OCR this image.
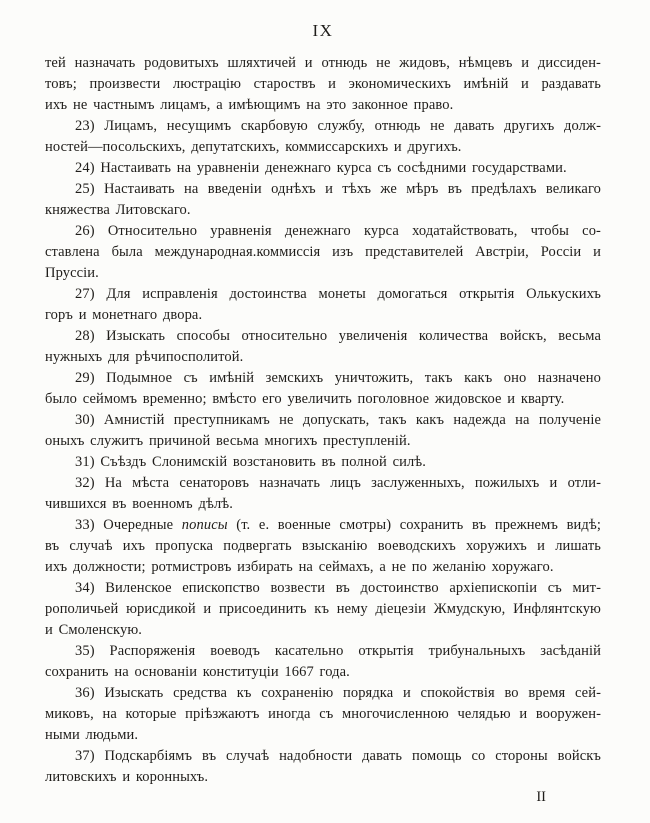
IX
тей назначать родовитыхъ шляхтичей и отнюдь не жидовъ, нѣмцевъ и диссиден-
товъ; произвести люстрацію староствъ и экономическихъ имѣній и раздавать
ихъ не частнымъ лицамъ, а имѣющимъ на это законное право.
23) Лицамъ, несущимъ скарбовую службу, отнюдь не давать другихъ долж-
ностей—посольскихъ, депутатскихъ, коммиссарскихъ и другихъ.
24) Настаивать на уравненіи денежнаго курса съ сосѣдними государствами.
25) Настаивать на введеніи однѣхъ и тѣхъ же мѣръ въ предѣлахъ великаго
княжества Литовскаго.
26) Относительно уравненія денежнаго курса ходатайствовать, чтобы со-
ставлена была международная.коммиссія изъ представителей Австріи, Россіи и
Пруссіи.
27) Для исправленія достоинства монеты домогаться открытія Олькускихъ
горъ и монетнаго двора.
28) Изыскать способы относительно увеличенія количества войскъ, весьма
нужныхъ для рѣчипосполитой.
29) Подымное съ имѣній земскихъ уничтожить, такъ какъ оно назначено
было сеймомъ временно; вмѣсто его увеличить поголовное жидовское и кварту.
30) Амнистій преступникамъ не допускать, такъ какъ надежда на полученіе
оныхъ служитъ причиной весьма многихъ преступленій.
31) Съѣздъ Слонимскій возстановить въ полной силѣ.
32) На мѣста сенаторовъ назначать лицъ заслуженныхъ, пожилыхъ и отли-
чившихся въ военномъ дѣлѣ.
33) Очередные пописы (т. е. военные смотры) сохранить въ прежнемъ видѣ;
въ случаѣ ихъ пропуска подвергать взысканію воеводскихъ хоружихъ и лишать
ихъ должности; ротмистровъ избирать на сеймахъ, а не по желанію хоружаго.
34) Виленское епископство возвести въ достоинство архіепископіи съ мит-
рополичьей юрисдикой и присоединить къ нему діецезіи Жмудскую, Инфлянтскую
и Смоленскую.
35) Распоряженія воеводъ касательно открытія трибунальныхъ засѣданій
сохранить на основаніи конституціи 1667 года.
36) Изыскать средства къ сохраненію порядка и спокойствія во время сей-
миковъ, на которые пріѣзжаютъ иногда съ многочисленною челядью и вооружен-
ными людьми.
37) Подскарбіямъ въ случаѣ надобности давать помощь со стороны войскъ
литовскихъ и коронныхъ.
II
